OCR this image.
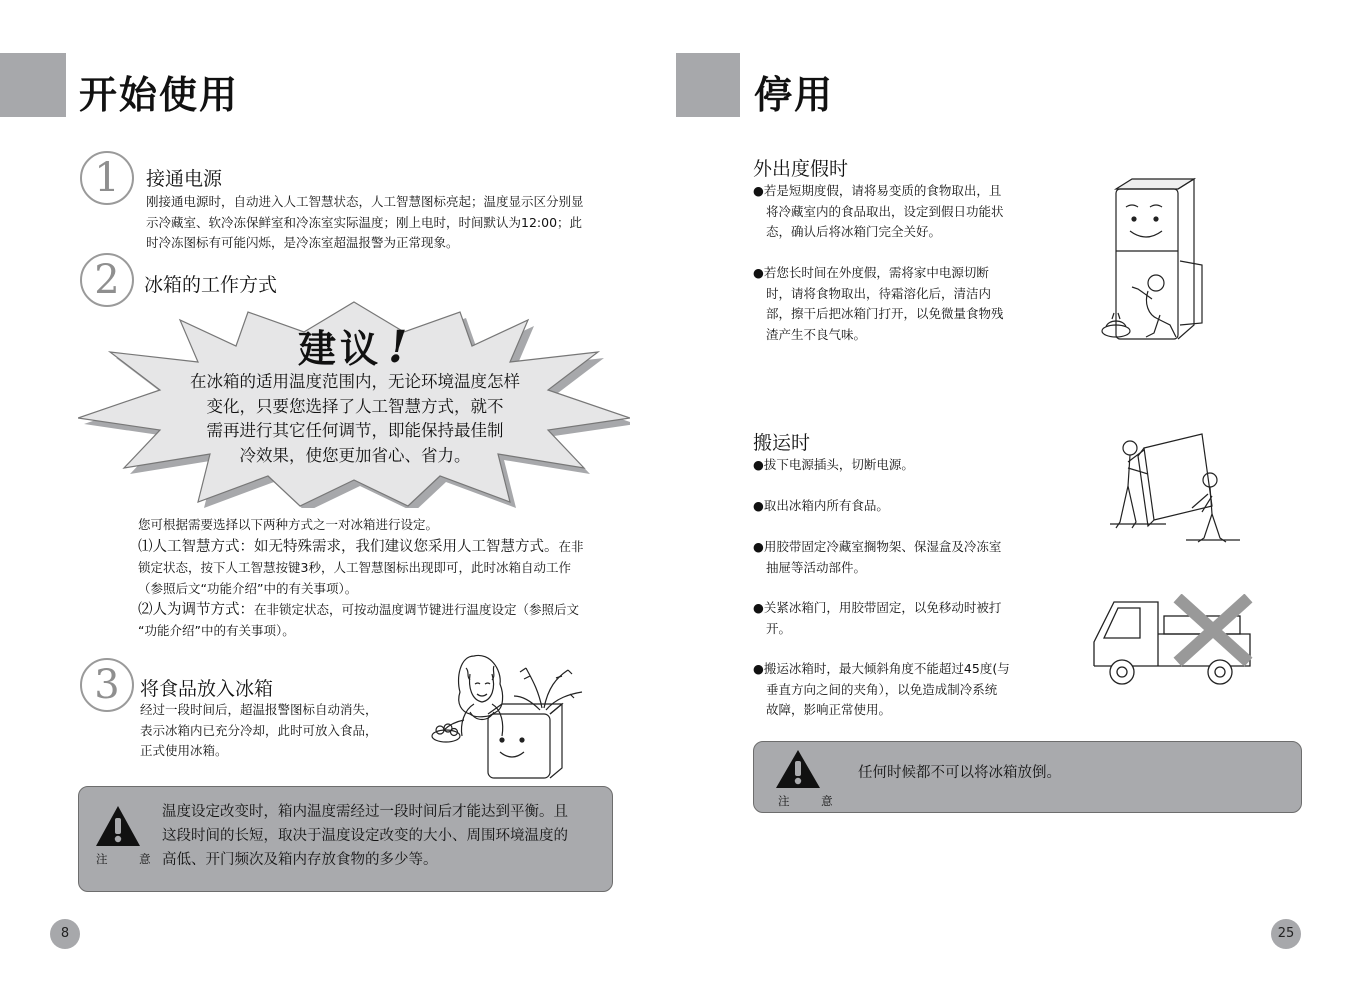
开始使用
1	接通电源
刚接通电源时，自动进入人工智慧状态，人工智慧图标亮起；温度显示区分别显
示冷藏室、软冷冻保鲜室和冷冻室实际温度；刚上电时，时间默认为12:00；此
时冷冻图标有可能闪烁，是冷冻室超温报警为正常现象。
2	冰箱的工作方式
建议 !
在冰箱的适用温度范围内，无论环境温度怎样
变化，只要您选择了人工智慧方式，就不
需再进行其它任何调节，即能保持最佳制
冷效果，使您更加省心、省力。
您可根据需要选择以下两种方式之一对冰箱进行设定。
⑴人工智慧方式：如无特殊需求，我们建议您采用人工智慧方式。在非
锁定状态，按下人工智慧按键3秒，人工智慧图标出现即可，此时冰箱自动工作
（参照后文“功能介绍”中的有关事项）。
⑵人为调节方式：在非锁定状态，可按动温度调节键进行温度设定（参照后文
“功能介绍”中的有关事项）。
3	将食品放入冰箱
经过一段时间后，超温报警图标自动消失，
表示冰箱内已充分冷却，此时可放入食品，
正式使用冰箱。
注 意
温度设定改变时，箱内温度需经过一段时间后才能达到平衡。且
这段时间的长短，取决于温度设定改变的大小、周围环境温度的
高低、开门频次及箱内存放食物的多少等。
8
停用
外出度假时
●若是短期度假，请将易变质的食物取出，且
将冷藏室内的食品取出，设定到假日功能状
态，确认后将冰箱门完全关好。
●若您长时间在外度假，需将家中电源切断
时，请将食物取出，待霜溶化后，清洁内
部，擦干后把冰箱门打开，以免微量食物残
渣产生不良气味。
搬运时
●拔下电源插头，切断电源。
●取出冰箱内所有食品。
●用胶带固定冷藏室搁物架、保湿盒及冷冻室
抽屉等活动部件。
●关紧冰箱门，用胶带固定，以免移动时被打
开。
●搬运冰箱时，最大倾斜角度不能超过45度(与
垂直方向之间的夹角），以免造成制冷系统
故障，影响正常使用。
注 意
任何时候都不可以将冰箱放倒。
25
